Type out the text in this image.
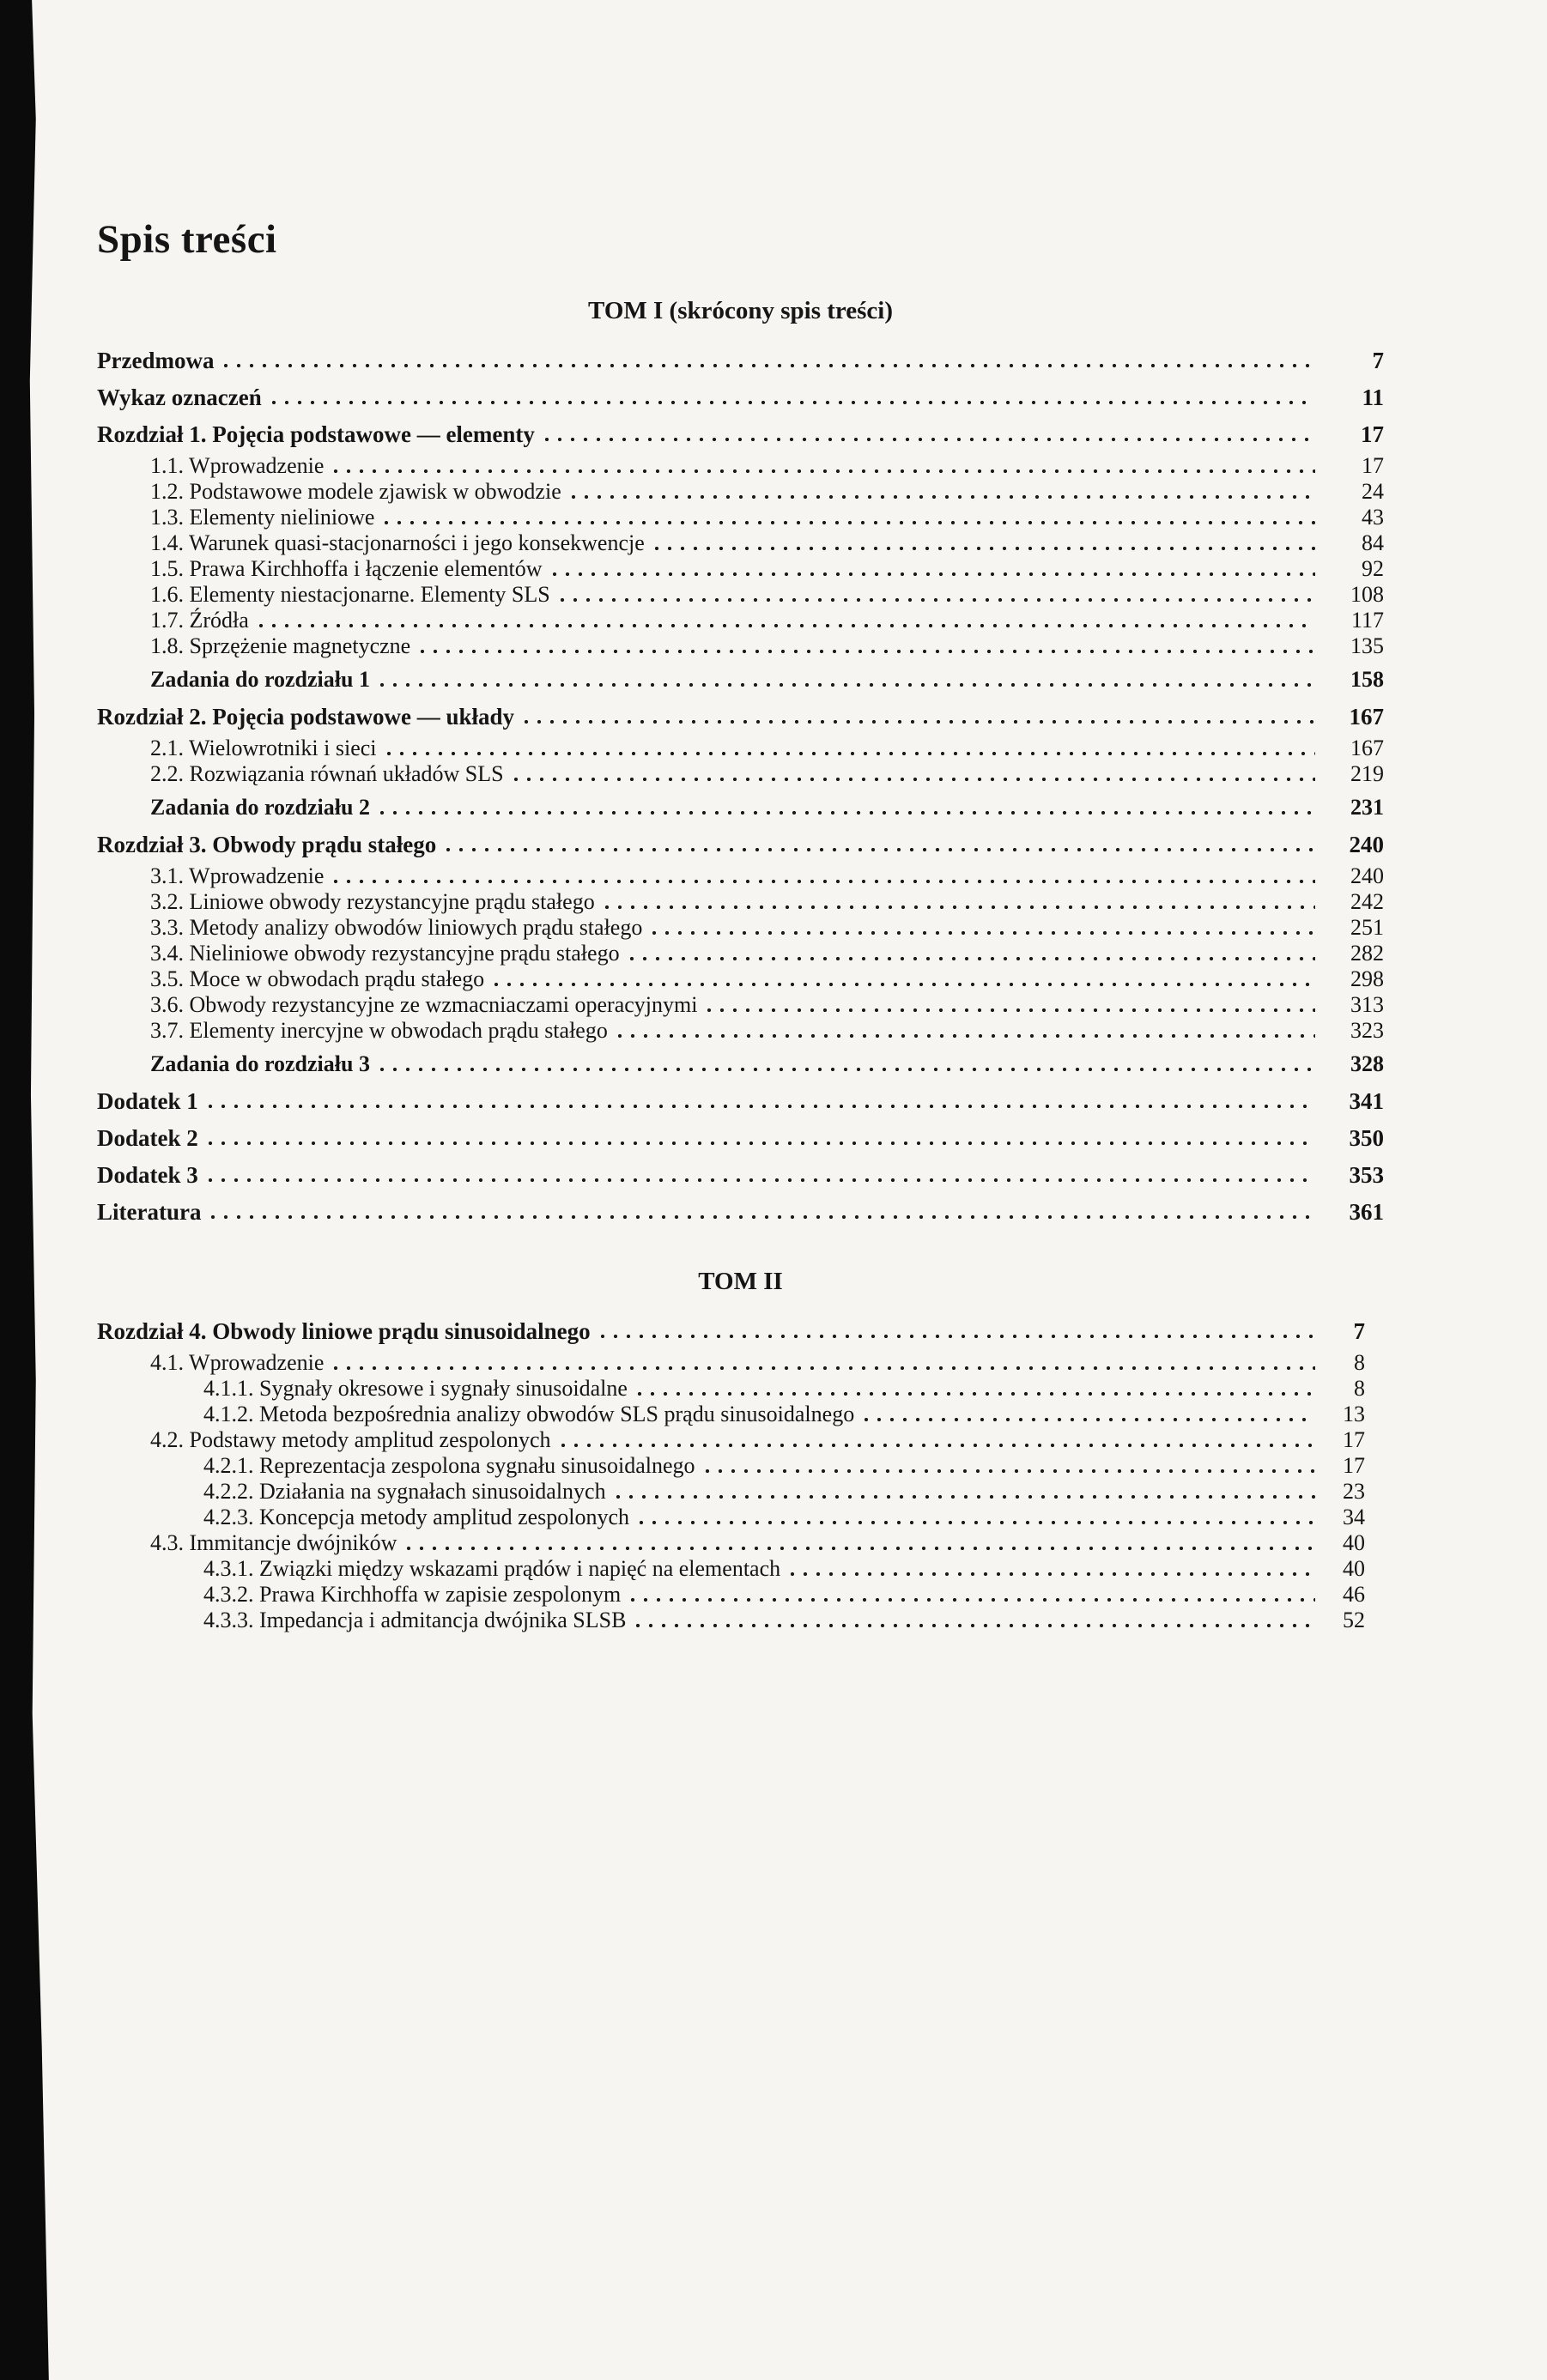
Spis treści
TOM I (skrócony spis treści)
Przedmowa	7
Wykaz oznaczeń	11
Rozdział 1. Pojęcia podstawowe — elementy	17
1.1. Wprowadzenie	17
1.2. Podstawowe modele zjawisk w obwodzie	24
1.3. Elementy nieliniowe	43
1.4. Warunek quasi-stacjonarności i jego konsekwencje	84
1.5. Prawa Kirchhoffa i łączenie elementów	92
1.6. Elementy niestacjonarne. Elementy SLS	108
1.7. Źródła	117
1.8. Sprzężenie magnetyczne	135
Zadania do rozdziału 1	158
Rozdział 2. Pojęcia podstawowe — układy	167
2.1. Wielowrotniki i sieci	167
2.2. Rozwiązania równań układów SLS	219
Zadania do rozdziału 2	231
Rozdział 3. Obwody prądu stałego	240
3.1. Wprowadzenie	240
3.2. Liniowe obwody rezystancyjne prądu stałego	242
3.3. Metody analizy obwodów liniowych prądu stałego	251
3.4. Nieliniowe obwody rezystancyjne prądu stałego	282
3.5. Moce w obwodach prądu stałego	298
3.6. Obwody rezystancyjne ze wzmacniaczami operacyjnymi	313
3.7. Elementy inercyjne w obwodach prądu stałego	323
Zadania do rozdziału 3	328
Dodatek 1	341
Dodatek 2	350
Dodatek 3	353
Literatura	361
TOM II
Rozdział 4. Obwody liniowe prądu sinusoidalnego	7
4.1. Wprowadzenie	8
4.1.1. Sygnały okresowe i sygnały sinusoidalne	8
4.1.2. Metoda bezpośrednia analizy obwodów SLS prądu sinusoidalnego	13
4.2. Podstawy metody amplitud zespolonych	17
4.2.1. Reprezentacja zespolona sygnału sinusoidalnego	17
4.2.2. Działania na sygnałach sinusoidalnych	23
4.2.3. Koncepcja metody amplitud zespolonych	34
4.3. Immitancje dwójników	40
4.3.1. Związki między wskazami prądów i napięć na elementach	40
4.3.2. Prawa Kirchhoffa w zapisie zespolonym	46
4.3.3. Impedancja i admitancja dwójnika SLSB	52
